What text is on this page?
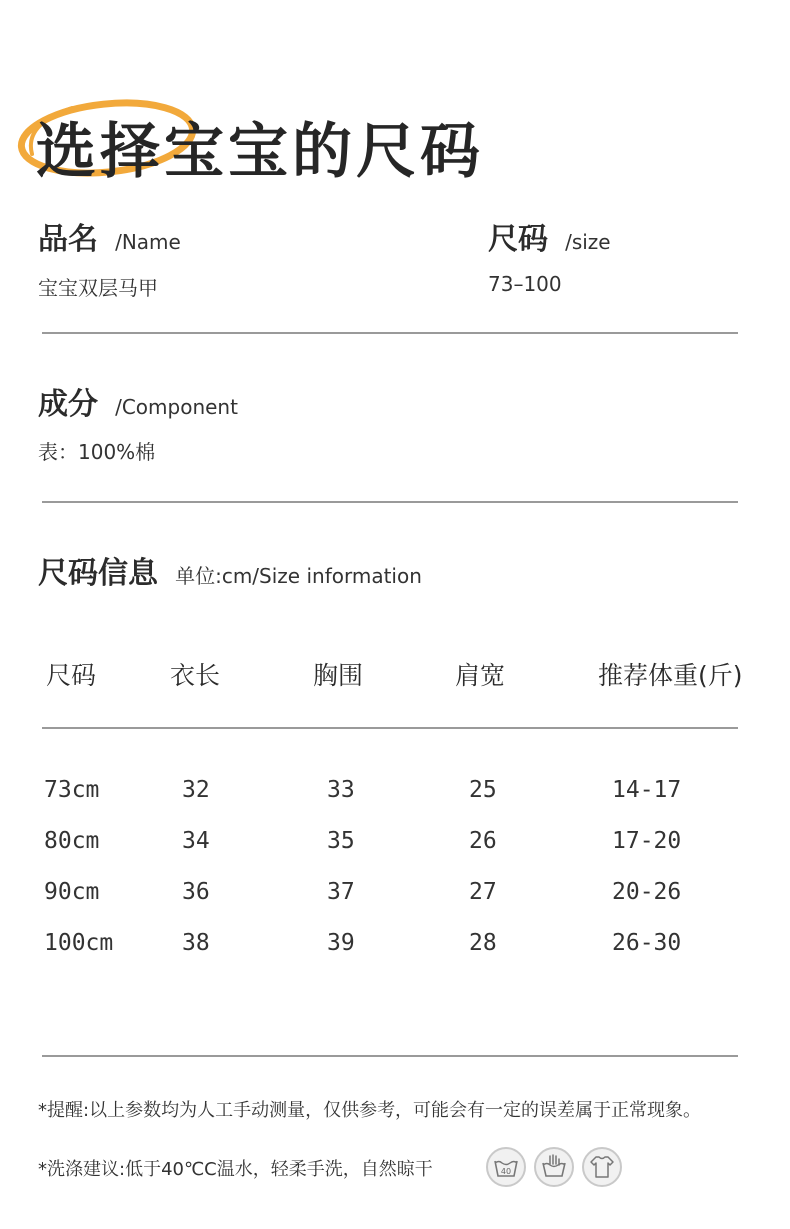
选择宝宝的尺码
品名 /Name
宝宝双层马甲
尺码 /size
73–100
成分 /Component
表：100%棉
尺码信息 单位:cm/Size information
尺码	衣长	胸围	肩宽	推荐体重(斤)
73cm	32	33	25	14-17
80cm	34	35	26	17-20
90cm	36	37	27	20-26
100cm	38	39	28	26-30
*提醒:以上参数均为人工手动测量，仅供参考，可能会有一定的误差属于正常现象。
*洗涤建议:低于40℃C温水，轻柔手洗，自然晾干	40
